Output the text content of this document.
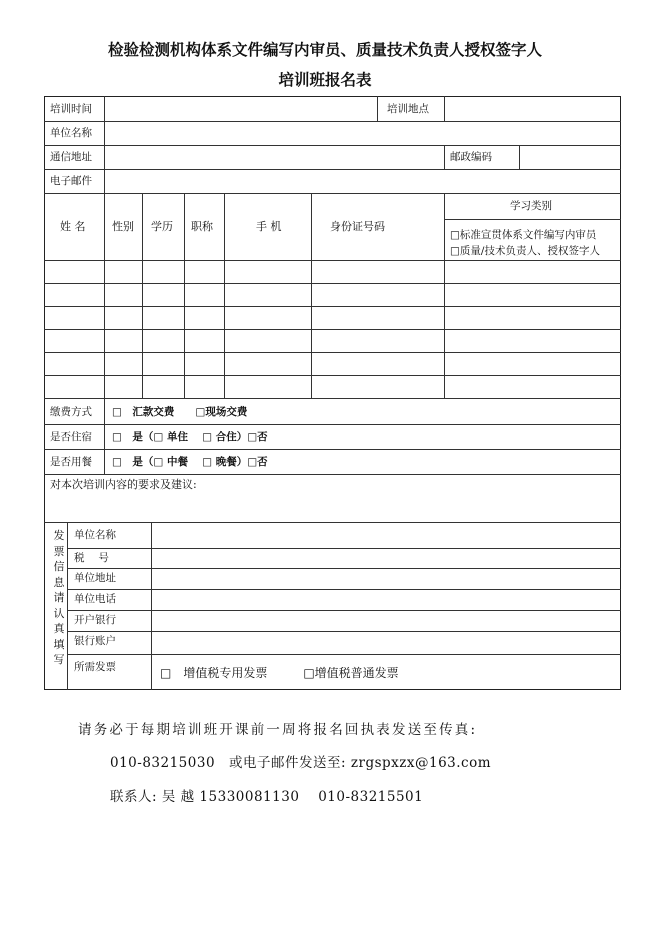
检验检测机构体系文件编写内审员、质量技术负责人授权签字人
培训班报名表
培训时间	培训地点
单位名称
通信地址	邮政编码
电子邮件
姓 名 性别 学历 职称	手 机	身份证号码
学习类别
□标准宣贯体系文件编写内审员
□质量/技术负责人、授权签字人
缴费方式 □　汇款交费　　□现场交费
是否住宿 □　是（□ 单住　 □ 合住）□否
是否用餐 □　是（□ 中餐　 □ 晚餐）□否
对本次培训内容的要求及建议:
发票信息请认真填写
单位名称
税　 号
单位地址
单位电话
开户银行
银行账户
所需发票	□　增值税专用发票　　　□增值税普通发票
请务必于每期培训班开课前一周将报名回执表发送至传真:
010-83215030　或电子邮件发送至: zrgspxzx@163.com
联系人: 吴 越 15330081130　 010-83215501
